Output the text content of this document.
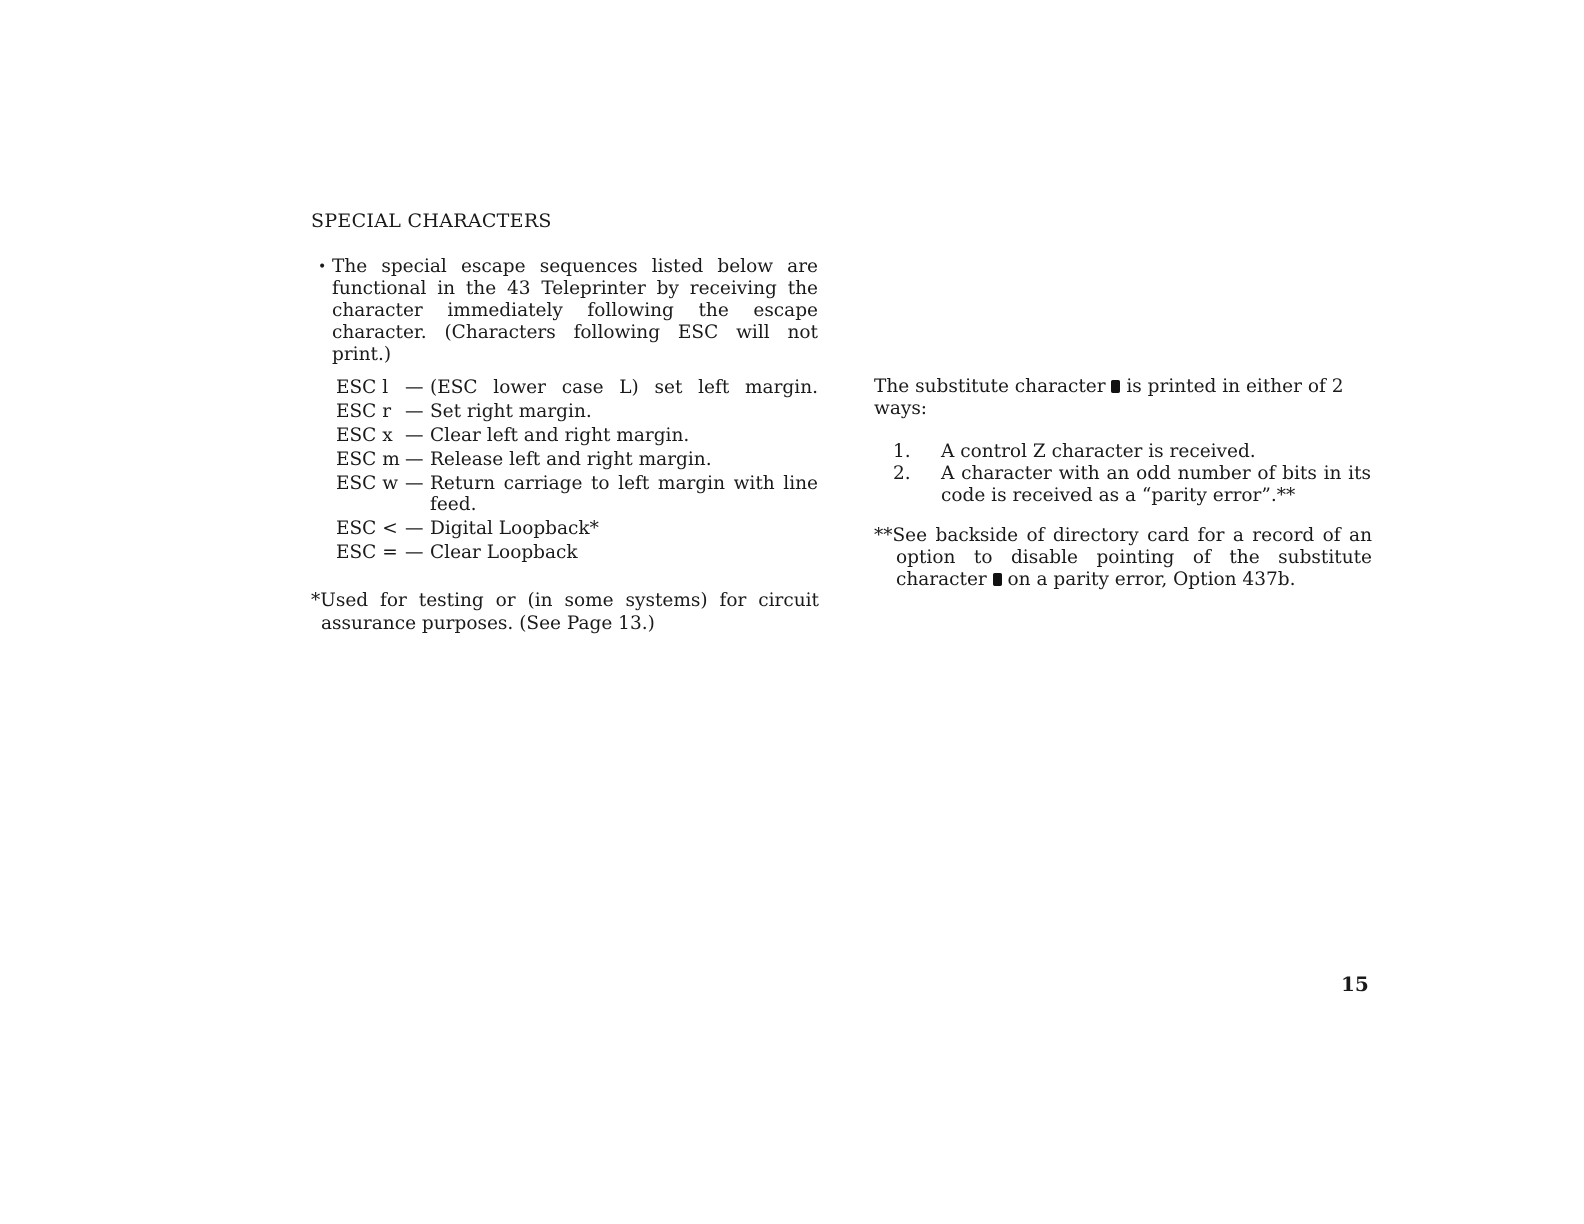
SPECIAL CHARACTERS
• The special escape sequences listed below are functional in the 43 Teleprinter by receiving the character immediately following the escape character. (Characters following ESC will not print.)
ESC l — (ESC lower case L) set left margin.
ESC r — Set right margin.
ESC x — Clear left and right margin.
ESC m — Release left and right margin.
ESC w — Return carriage to left margin with line feed.
ESC < — Digital Loopback*
ESC = — Clear Loopback
*Used for testing or (in some systems) for circuit
assurance purposes. (See Page 13.)
The substitute character is printed in either of 2 ways:
1.	A control Z character is received.
2.	A character with an odd number of bits in its code is received as a “parity error”.**
**See backside of directory card for a record of an
option to disable pointing of the substitute character on a parity error, Option 437b.
15
